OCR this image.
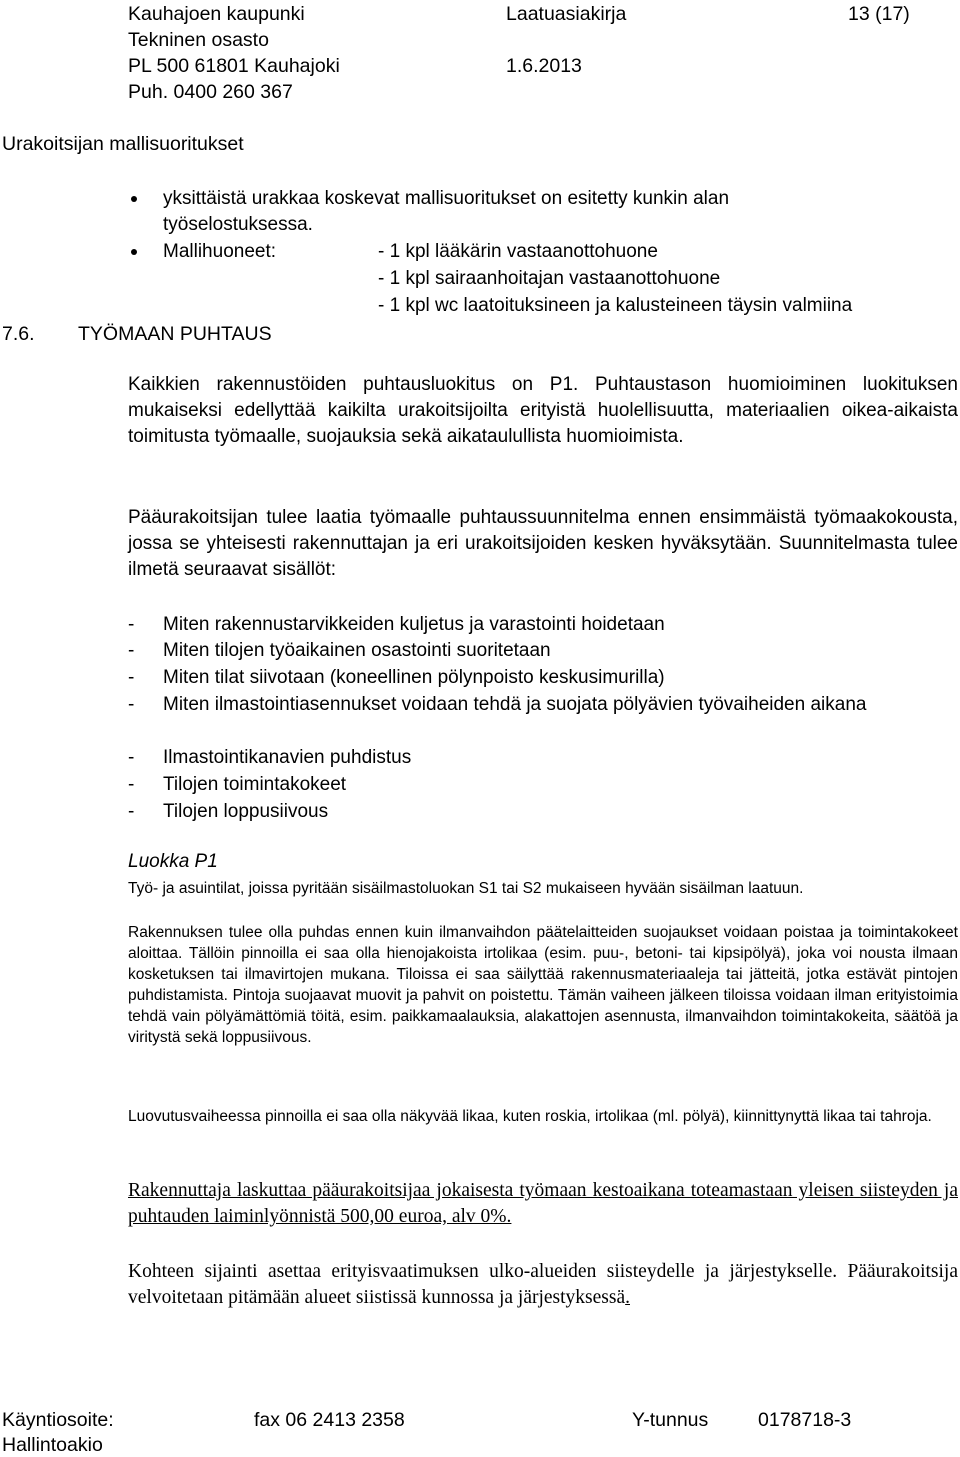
Kauhajoen kaupunki
Tekninen osasto
PL 500 61801 Kauhajoki
Puh. 0400 260 367
Laatuasiakirja
1.6.2013
13 (17)
Urakoitsijan mallisuoritukset
yksittäistä urakkaa koskevat mallisuoritukset on esitetty kunkin alan
työselostuksessa.
Mallihuoneet:	- 1 kpl lääkärin vastaanottohuone
- 1 kpl sairaanhoitajan vastaanottohuone
- 1 kpl wc laatoituksineen ja kalusteineen täysin valmiina
7.6. TYÖMAAN PUHTAUS
Kaikkien rakennustöiden puhtausluokitus on P1. Puhtaustason huomioiminen luokituksen mukaiseksi edellyttää kaikilta urakoitsijoilta erityistä huolellisuutta, materiaalien oikea-aikaista toimitusta työmaalle, suojauksia sekä aikataulullista huomioimista.
Pääurakoitsijan tulee laatia työmaalle puhtaussuunnitelma ennen ensimmäistä työmaakokousta, jossa se yhteisesti rakennuttajan ja eri urakoitsijoiden kesken hyväksytään. Suunnitelmasta tulee ilmetä seuraavat sisällöt:
- Miten rakennustarvikkeiden kuljetus ja varastointi hoidetaan
- Miten tilojen työaikainen osastointi suoritetaan
- Miten tilat siivotaan (koneellinen pölynpoisto keskusimurilla)
- Miten ilmastointiasennukset voidaan tehdä ja suojata pölyävien työvaiheiden aikana
- Ilmastointikanavien puhdistus
- Tilojen toimintakokeet
- Tilojen loppusiivous
Luokka P1
Työ- ja asuintilat, joissa pyritään sisäilmastoluokan S1 tai S2 mukaiseen hyvään sisäilman laatuun.
Rakennuksen tulee olla puhdas ennen kuin ilmanvaihdon päätelaitteiden suojaukset voidaan poistaa ja toimintakokeet aloittaa. Tällöin pinnoilla ei saa olla hienojakoista irtolikaa (esim. puu-, betoni- tai kipsipölyä), joka voi nousta ilmaan kosketuksen tai ilmavirtojen mukana. Tiloissa ei saa säilyttää rakennusmateriaaleja tai jätteitä, jotka estävät pintojen puhdistamista. Pintoja suojaavat muovit ja pahvit on poistettu. Tämän vaiheen jälkeen tiloissa voidaan ilman erityistoimia tehdä vain pölyämättömiä töitä, esim. paikkamaalauksia, alakattojen asennusta, ilmanvaihdon toimintakokeita, säätöä ja viritystä sekä loppusiivous.
Luovutusvaiheessa pinnoilla ei saa olla näkyvää likaa, kuten roskia, irtolikaa (ml. pölyä), kiinnittynyttä likaa tai tahroja.
Rakennuttaja laskuttaa pääurakoitsijaa jokaisesta työmaan kestoaikana toteamastaan yleisen siisteyden ja puhtauden laiminlyönnistä 500,00 euroa, alv 0%.
Kohteen sijainti asettaa erityisvaatimuksen ulko-alueiden siisteydelle ja järjestykselle. Pääurakoitsija velvoitetaan pitämään alueet siistissä kunnossa ja järjestyksessä.
Käyntiosoite:
Hallintoakio
fax 06 2413 2358	Y-tunnus	0178718-3
